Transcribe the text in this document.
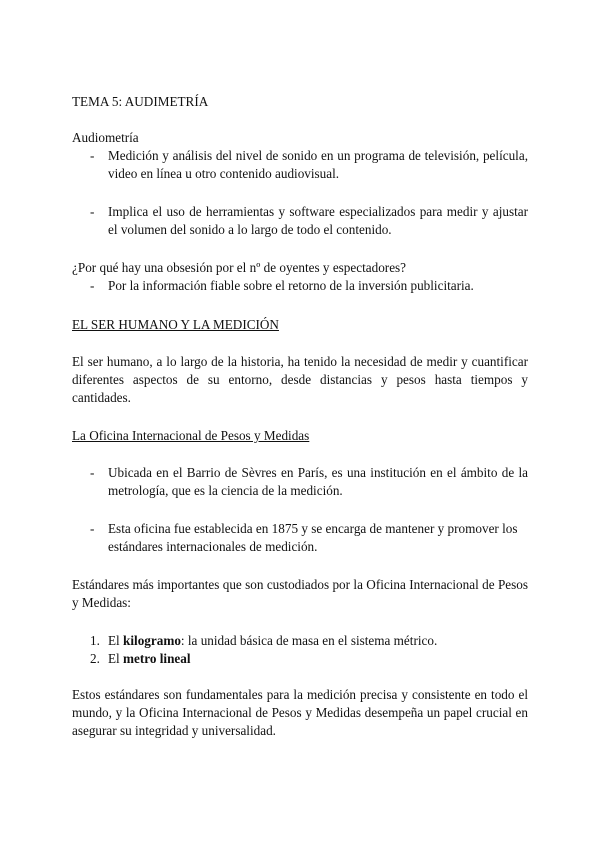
TEMA 5: AUDIMETRÍA
Audiometría
- Medición y análisis del nivel de sonido en un programa de televisión, película, video en línea u otro contenido audiovisual.
- Implica el uso de herramientas y software especializados para medir y ajustar el volumen del sonido a lo largo de todo el contenido.
¿Por qué hay una obsesión por el nº de oyentes y espectadores?
- Por la información fiable sobre el retorno de la inversión publicitaria.
EL SER HUMANO Y LA MEDICIÓN
El ser humano, a lo largo de la historia, ha tenido la necesidad de medir y cuantificar diferentes aspectos de su entorno, desde distancias y pesos hasta tiempos y cantidades.
La Oficina Internacional de Pesos y Medidas
- Ubicada en el Barrio de Sèvres en París, es una institución en el ámbito de la metrología, que es la ciencia de la medición.
- Esta oficina fue establecida en 1875 y se encarga de mantener y promover los estándares internacionales de medición.
Estándares más importantes que son custodiados por la Oficina Internacional de Pesos y Medidas:
1. El kilogramo: la unidad básica de masa en el sistema métrico.
2. El metro lineal
Estos estándares son fundamentales para la medición precisa y consistente en todo el mundo, y la Oficina Internacional de Pesos y Medidas desempeña un papel crucial en asegurar su integridad y universalidad.
